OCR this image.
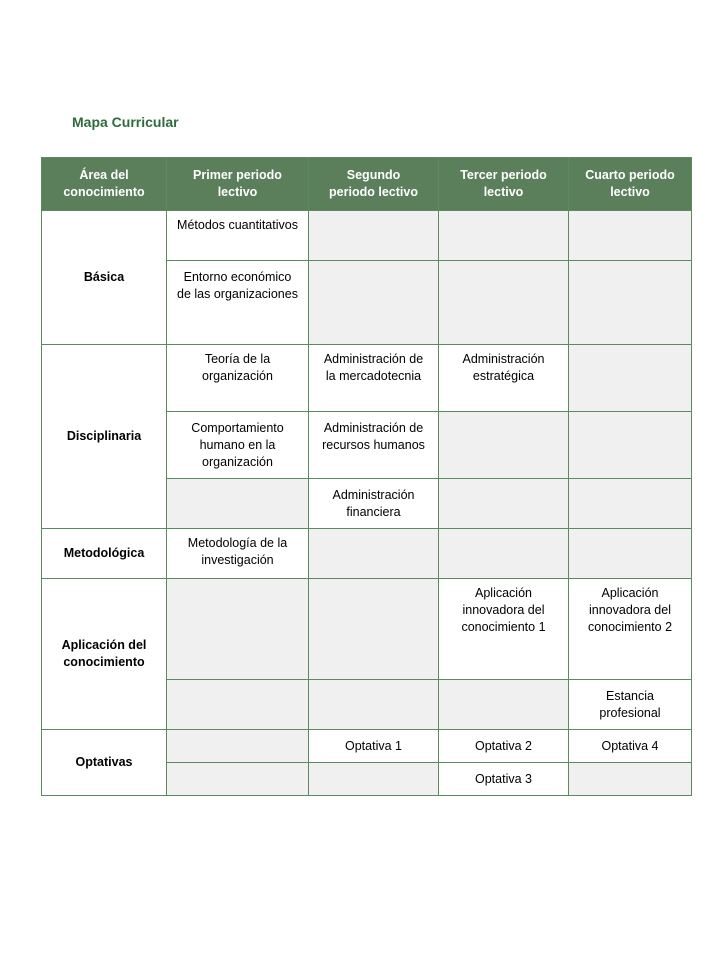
Mapa Curricular
Área del conocimiento	Primer periodo lectivo	Segundo periodo lectivo	Tercer periodo lectivo	Cuarto periodo lectivo
Básica	Métodos cuantitativos			
	Entorno económico de las organizaciones			
Disciplinaria	Teoría de la organización	Administración de la mercadotecnia	Administración estratégica	
	Comportamiento humano en la organización	Administración de recursos humanos		
		Administración financiera		
Metodológica	Metodología de la investigación			
Aplicación del conocimiento			Aplicación innovadora del conocimiento 1	Aplicación innovadora del conocimiento 2
				Estancia profesional
Optativas		Optativa 1	Optativa 2	Optativa 4
			Optativa 3	
